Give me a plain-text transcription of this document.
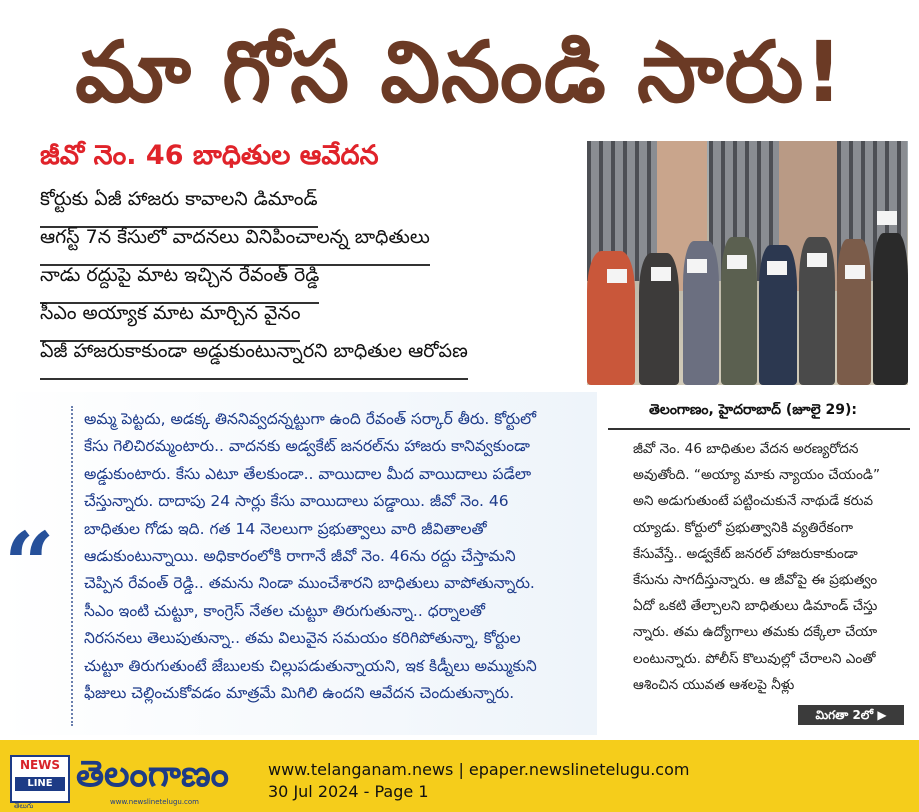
మా గోస వినండి సారు!
జీవో నెం. 46 బాధితుల ఆవేదన
కోర్టుకు ఏజీ హాజరు కావాలని డిమాండ్
ఆగస్ట్ 7న కేసులో వాదనలు వినిపించాలన్న బాధితులు
నాడు రద్దుపై మాట ఇచ్చిన రేవంత్ రెడ్డి
సీఎం అయ్యాక మాట మార్చిన వైనం
ఏజీ హాజరుకాకుండా అడ్డుకుంటున్నారని బాధితుల ఆరోపణ
“
అమ్మ పెట్టదు, అడక్క తిననివ్వదన్నట్టుగా ఉంది రేవంత్ సర్కార్ తీరు. కోర్టులో
కేసు గెలిచిరమ్మంటారు.. వాదనకు అడ్వకేట్ జనరల్‌ను హాజరు కానివ్వకుండా
అడ్డుకుంటారు. కేసు ఎటూ తేలకుండా.. వాయిదాల మీద వాయిదాలు పడేలా
చేస్తున్నారు. దాదాపు 24 సార్లు కేసు వాయిదాలు పడ్డాయి. జీవో నెం. 46
బాధితుల గోడు ఇది. గత 14 నెలలుగా ప్రభుత్వాలు వారి జీవితాలతో
ఆడుకుంటున్నాయి. అధికారంలోకి రాగానే జీవో నెం. 46ను రద్దు చేస్తామని
చెప్పిన రేవంత్ రెడ్డి.. తమను నిండా ముంచేశారని బాధితులు వాపోతున్నారు.
సీఎం ఇంటి చుట్టూ, కాంగ్రెస్ నేతల చుట్టూ తిరుగుతున్నా.. ధర్నాలతో
నిరసనలు తెలుపుతున్నా.. తమ విలువైన సమయం కరిగిపోతున్నా, కోర్టుల
చుట్టూ తిరుగుతుంటే జేబులకు చిల్లుపడుతున్నాయని, ఇక కిడ్నీలు అమ్ముకుని
ఫీజులు చెల్లించుకోవడం మాత్రమే మిగిలి ఉందని ఆవేదన చెందుతున్నారు.
తెలంగాణం, హైదరాబాద్ (జూలై 29):
జీవో నెం. 46 బాధితుల వేదన అరణ్యరోదన
అవుతోంది. “అయ్యా మాకు న్యాయం చేయండి”
అని అడుగుతుంటే పట్టించుకునే నాథుడే కరువ
య్యాడు. కోర్టులో ప్రభుత్వానికి వ్యతిరేకంగా
కేసువేస్తే.. అడ్వకేట్ జనరల్ హాజరుకాకుండా
కేసును సాగదీస్తున్నారు. ఆ జీవోపై ఈ ప్రభుత్వం
ఏదో ఒకటి తేల్చాలని బాధితులు డిమాండ్ చేస్తు
న్నారు. తమ ఉద్యోగాలు తమకు దక్కేలా చేయా
లంటున్నారు. పోలీస్ కొలువుల్లో చేరాలని ఎంతో
ఆశించిన యువత ఆశలపై నీళ్లు
మిగతా 2లో ▶
NEWS
LINE
తెలుగు
తెలంగాణం
www.newslinetelugu.com
www.telanganam.news | epaper.newslinetelugu.com
30 Jul 2024 - Page 1
